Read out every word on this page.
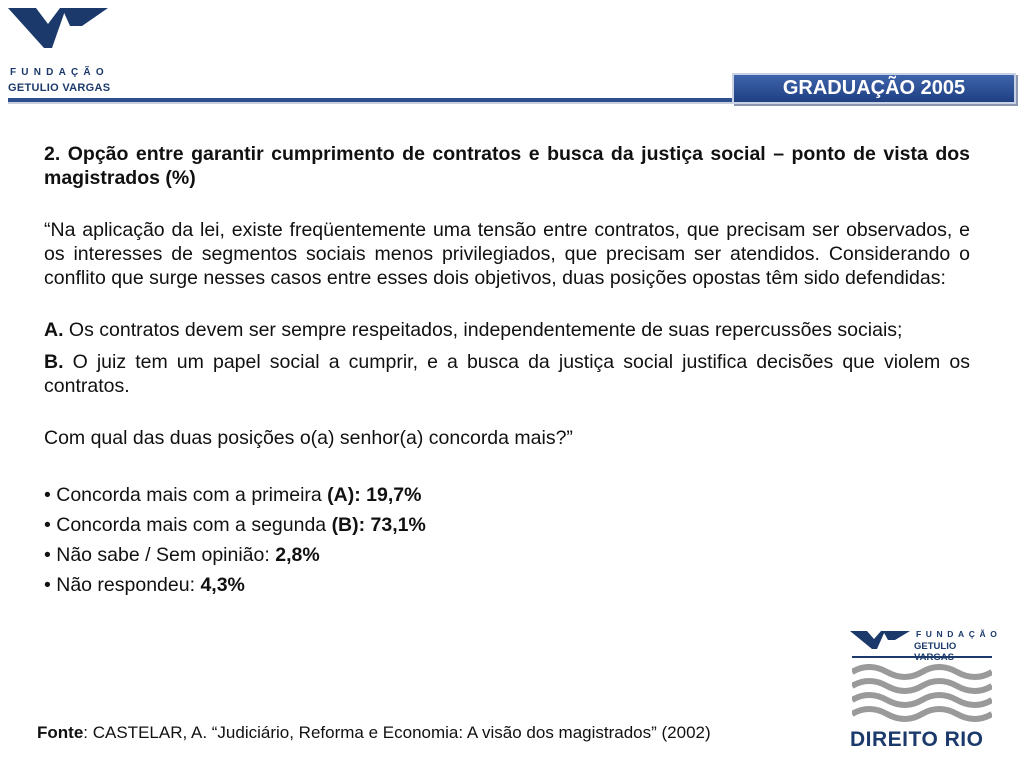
FUNDAÇÃO
GETULIO VARGAS	GRADUAÇÃO 2005

2. Opção entre garantir cumprimento de contratos e busca da justiça social – ponto de vista dos magistrados (%)

“Na aplicação da lei, existe freqüentemente uma tensão entre contratos, que precisam ser observados, e os interesses de segmentos sociais menos privilegiados, que precisam ser atendidos. Considerando o conflito que surge nesses casos entre esses dois objetivos, duas posições opostas têm sido defendidas:

A. Os contratos devem ser sempre respeitados, independentemente de suas repercussões sociais;

B. O juiz tem um papel social a cumprir, e a busca da justiça social justifica decisões que violem os contratos.

Com qual das duas posições o(a) senhor(a) concorda mais?”

• Concorda mais com a primeira (A): 19,7%

• Concorda mais com a segunda (B): 73,1%

• Não sabe / Sem opinião: 2,8%

• Não respondeu: 4,3%

Fonte: CASTELAR, A. “Judiciário, Reforma e Economia: A visão dos magistrados” (2002)

FUNDAÇÃO
GETULIO
DIREITO RIO
